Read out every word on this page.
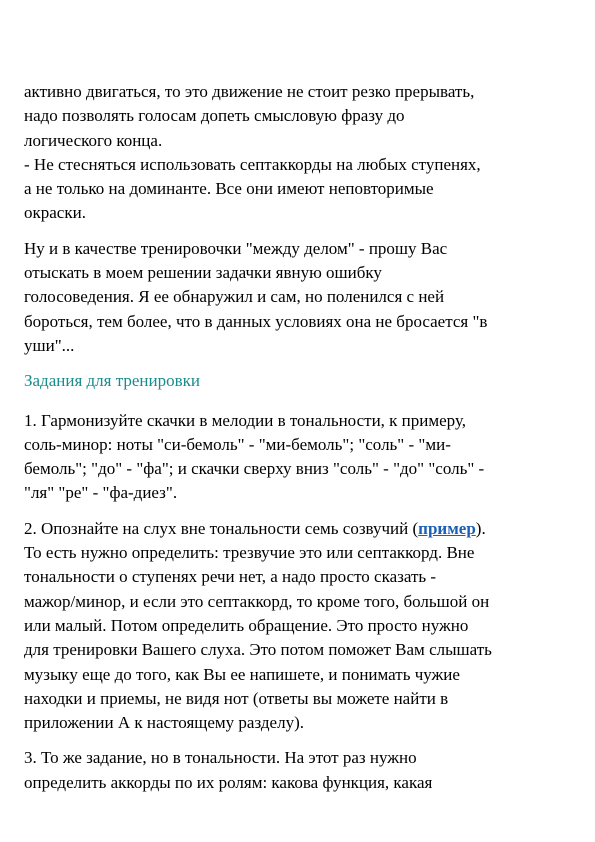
активно двигаться, то это движение не стоит резко прерывать,
надо позволять голосам допеть смысловую фразу до
логического конца.
- Не стесняться использовать септаккорды на любых ступенях,
а не только на доминанте. Все они имеют неповторимые
окраски.

Ну и в качестве тренировочки "между делом" - прошу Вас
отыскать в моем решении задачки явную ошибку
голосоведения. Я ее обнаружил и сам, но поленился с ней
бороться, тем более, что в данных условиях она не бросается "в
уши"...

Задания для тренировки

1. Гармонизуйте скачки в мелодии в тональности, к примеру,
соль-минор: ноты "си-бемоль" - "ми-бемоль"; "соль" - "ми-
бемоль"; "до" - "фа"; и скачки сверху вниз "соль" - "до" "соль" -
"ля" "ре" - "фа-диез".

2. Опознайте на слух вне тональности семь созвучий (пример).
То есть нужно определить: трезвучие это или септаккорд. Вне
тональности о ступенях речи нет, а надо просто сказать -
мажор/минор, и если это септаккорд, то кроме того, большой он
или малый. Потом определить обращение. Это просто нужно
для тренировки Вашего слуха. Это потом поможет Вам слышать
музыку еще до того, как Вы ее напишете, и понимать чужие
находки и приемы, не видя нот (ответы вы можете найти в
приложении А к настоящему разделу).

3. То же задание, но в тональности. На этот раз нужно
определить аккорды по их ролям: какова функция, какая
